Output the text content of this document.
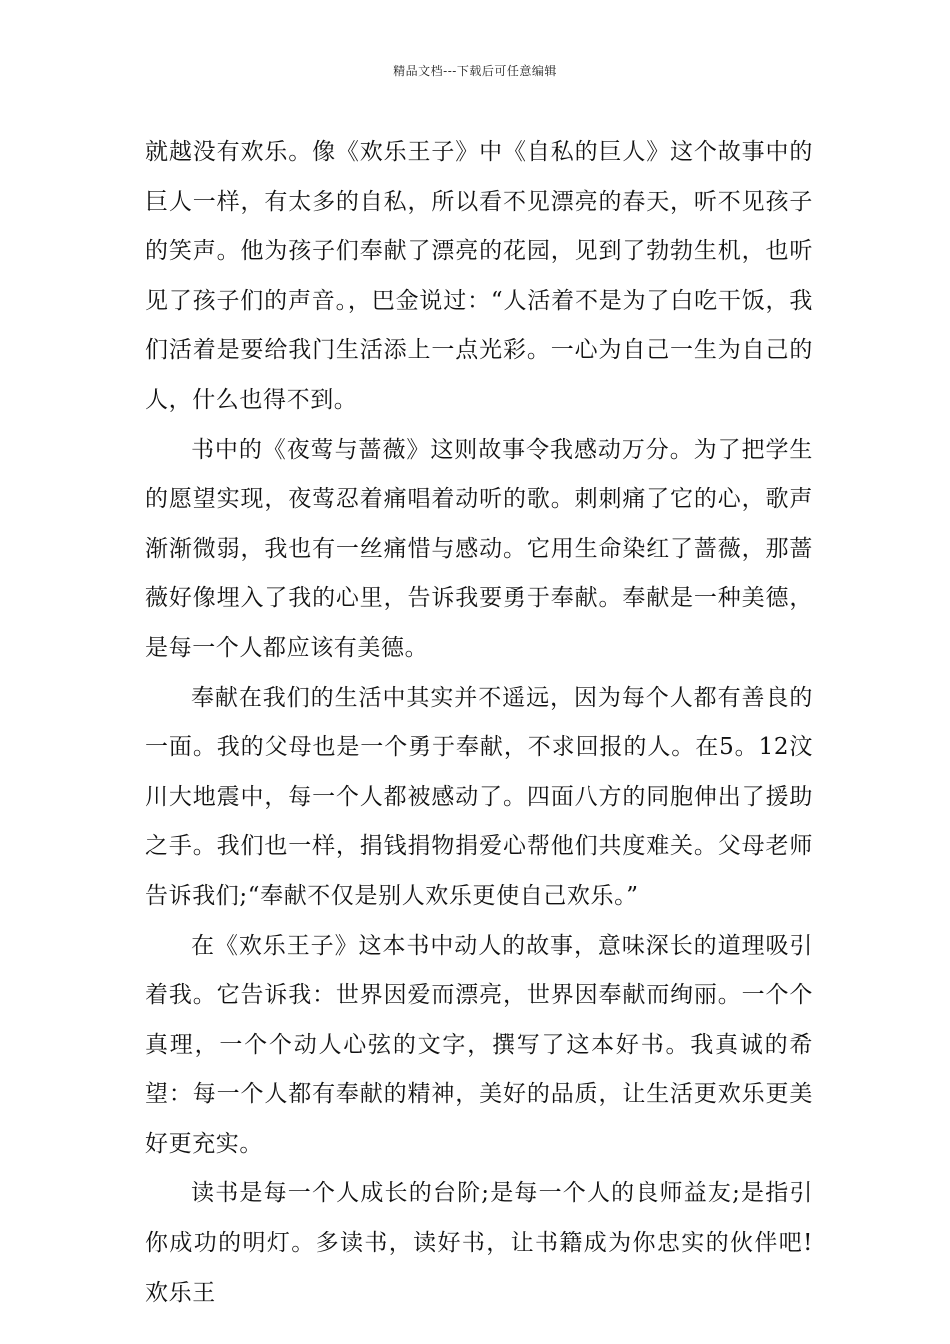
精品文档---下载后可任意编辑

就越没有欢乐。像《欢乐王子》中《自私的巨人》这个故事中的巨人一样，有太多的自私，所以看不见漂亮的春天，听不见孩子的笑声。他为孩子们奉献了漂亮的花园，见到了勃勃生机，也听见了孩子们的声音。，巴金说过：“人活着不是为了白吃干饭，我们活着是要给我门生活添上一点光彩。一心为自己一生为自己的人，什么也得不到。

书中的《夜莺与蔷薇》这则故事令我感动万分。为了把学生的愿望实现，夜莺忍着痛唱着动听的歌。刺刺痛了它的心，歌声渐渐微弱，我也有一丝痛惜与感动。它用生命染红了蔷薇，那蔷薇好像埋入了我的心里，告诉我要勇于奉献。奉献是一种美德，是每一个人都应该有美德。

奉献在我们的生活中其实并不遥远，因为每个人都有善良的一面。我的父母也是一个勇于奉献，不求回报的人。在5。12汶川大地震中，每一个人都被感动了。四面八方的同胞伸出了援助之手。我们也一样，捐钱捐物捐爱心帮他们共度难关。父母老师告诉我们;“奉献不仅是别人欢乐更使自己欢乐。”

在《欢乐王子》这本书中动人的故事，意味深长的道理吸引着我。它告诉我：世界因爱而漂亮，世界因奉献而绚丽。一个个真理，一个个动人心弦的文字，撰写了这本好书。我真诚的希望：每一个人都有奉献的精神，美好的品质，让生活更欢乐更美好更充实。

读书是每一个人成长的台阶;是每一个人的良师益友;是指引你成功的明灯。多读书，读好书，让书籍成为你忠实的伙伴吧!欢乐王
